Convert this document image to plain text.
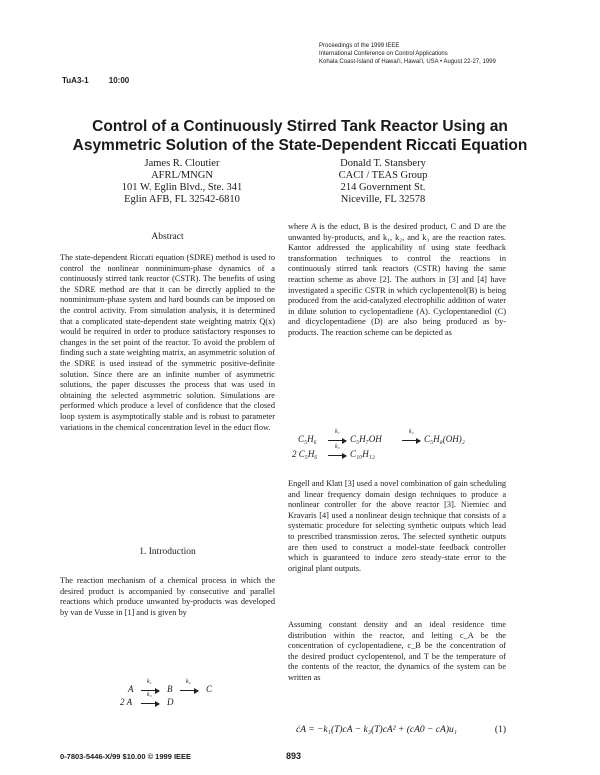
TuA3-1	10:00
Proceedings of the 1999 IEEE
International Conference on Control Applications
Kohala Coast-Island of Hawai'i, Hawai'i, USA • August 22-27, 1999
Control of a Continuously Stirred Tank Reactor Using an
Asymmetric Solution of the State-Dependent Riccati Equation
James R. Cloutier
AFRL/MNGN
101 W. Eglin Blvd., Ste. 341
Eglin AFB, FL 32542-6810
Donald T. Stansbery
CACI / TEAS Group
214 Government St.
Niceville, FL 32578
Abstract

The state-dependent Riccati equation (SDRE) method is used to control the nonlinear nonminimum-phase dynamics of a continuously stirred tank reactor (CSTR). The benefits of using the SDRE method are that it can be directly applied to the nonminimum-phase system and hard bounds can be imposed on the control activity. From simulation analysis, it is determined that a complicated state-dependent state weighting matrix Q(x) would be required in order to produce satisfactory responses to changes in the set point of the reactor. To avoid the problem of finding such a state weighting matrix, an asymmetric solution of the SDRE is used instead of the symmetric positive-definite solution. Since there are an infinite number of asymmetric solutions, the paper discusses the process that was used in obtaining the selected asymmetric solution. Simulations are performed which produce a level of confidence that the closed loop system is asymptotically stable and is robust to parameter variations in the chemical concentration level in the educt flow.

1. Introduction

The reaction mechanism of a chemical process in which the desired product is accompanied by consecutive and parallel reactions which produce unwanted by-products was developed by van de Vusse in [1] and is given by

A
k₁
B
k₂
C
2 A
k₃
D

where A is the educt, B is the desired product, C and D are the unwanted by-products, and k₁, k₂, and k₃ are the reaction rates. Kantor addressed the applicability of using state feedback transformation techniques to control the reactions in continuously stirred tank reactors (CSTR) having the same reaction scheme as above [2]. The authors in [3] and [4] have investigated a specific CSTR in which cyclopentenol(B) is being produced from the acid-catalyzed electrophilic addition of water in dilute solution to cyclopentadiene (A). Cyclopentanediol (C) and dicyclopentadiene (D) are also being produced as by-products. The reaction scheme can be depicted as

C₅H₆
k₁
C₅H₇OH
k₂
C₅H₈(OH)₂
2 C₅H₆
k₃
C₁₀H₁₂

Engell and Klatt [3] used a novel combination of gain scheduling and linear frequency domain design techniques to produce a nonlinear controller for the above reactor [3]. Niemiec and Kravaris [4] used a nonlinear design technique that consists of a systematic procedure for selecting synthetic outputs which lead to prescribed transmission zeros. The selected synthetic outputs are then used to construct a model-state feedback controller which is guaranteed to induce zero steady-state error to the original plant outputs.

Assuming constant density and an ideal residence time distribution within the reactor, and letting c_A be the concentration of cyclopentadiene, c_B be the concentration of the desired product cyclopentenol, and T be the temperature of the contents of the reactor, the dynamics of the system can be written as

ċA = −k₁(T)cA − k₃(T)cA² + (cA0 − cA)u₁	(1)
0-7803-5446-X/99 $10.00 © 1999 IEEE	893
